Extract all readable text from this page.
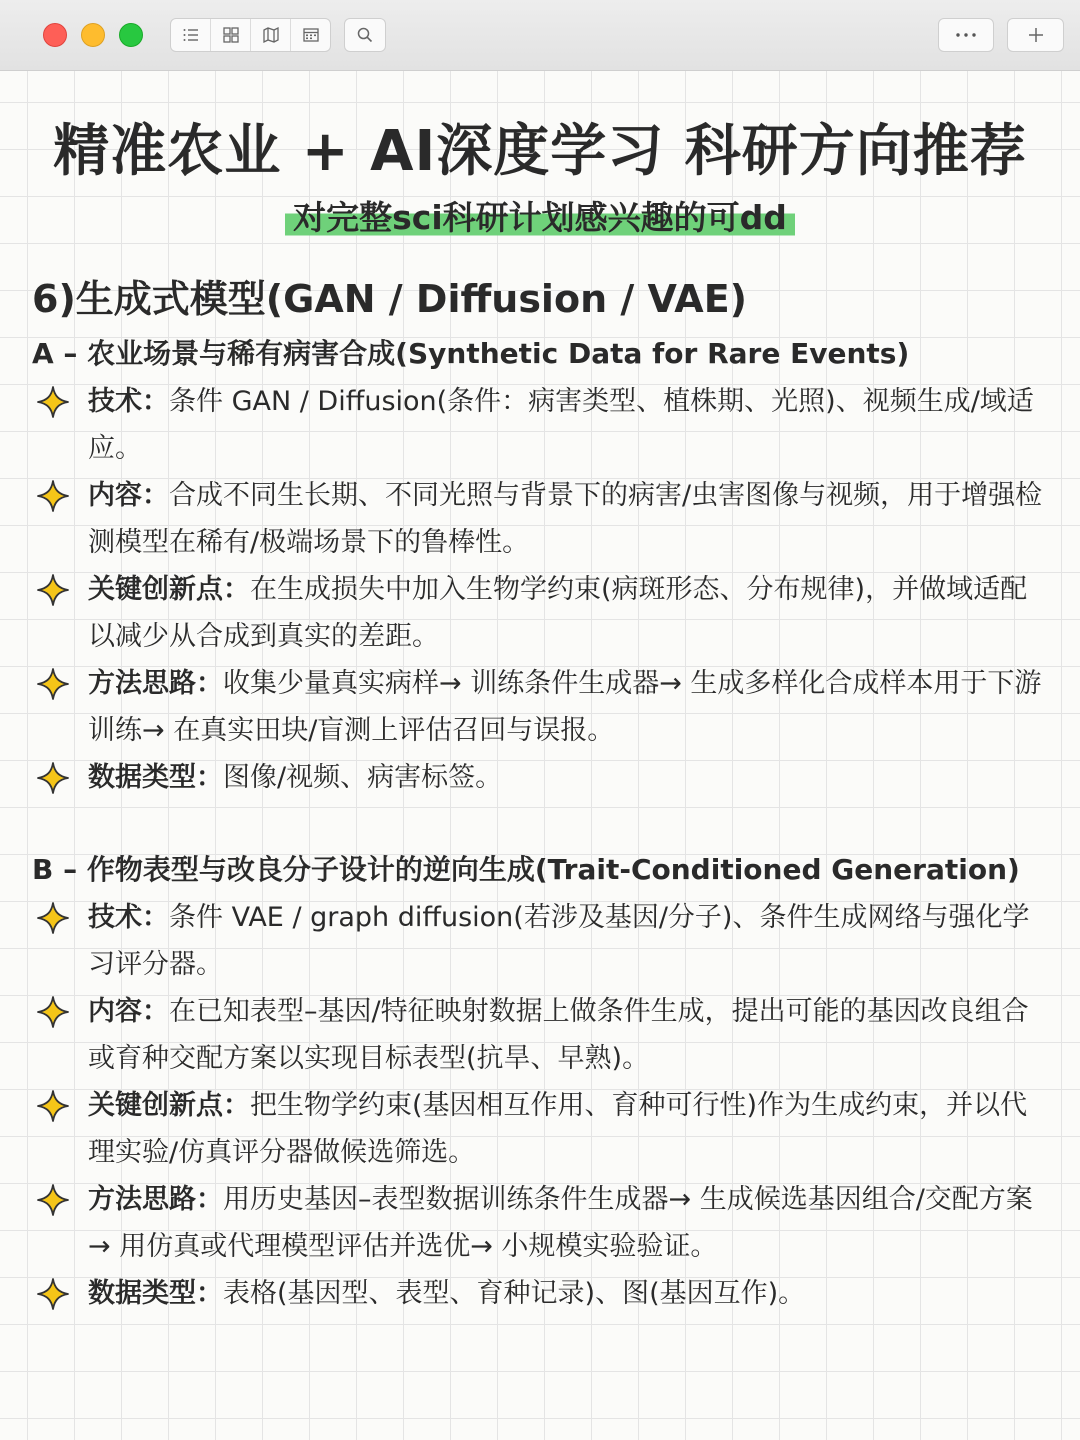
精准农业 + AI深度学习 科研方向推荐
对完整sci科研计划感兴趣的可dd
6)生成式模型(GAN / Diffusion / VAE)
A – 农业场景与稀有病害合成(Synthetic Data for Rare Events)
技术：条件 GAN / Diffusion(条件：病害类型、植株期、光照)、视频生成/域适应。
内容：合成不同生长期、不同光照与背景下的病害/虫害图像与视频，用于增强检测模型在稀有/极端场景下的鲁棒性。
关键创新点：在生成损失中加入生物学约束(病斑形态、分布规律)，并做域适配以减少从合成到真实的差距。
方法思路：收集少量真实病样→ 训练条件生成器→ 生成多样化合成样本用于下游训练→ 在真实田块/盲测上评估召回与误报。
数据类型：图像/视频、病害标签。
B – 作物表型与改良分子设计的逆向生成(Trait-Conditioned Generation)
技术：条件 VAE / graph diffusion(若涉及基因/分子)、条件生成网络与强化学习评分器。
内容：在已知表型–基因/特征映射数据上做条件生成，提出可能的基因改良组合或育种交配方案以实现目标表型(抗旱、早熟)。
关键创新点：把生物学约束(基因相互作用、育种可行性)作为生成约束，并以代理实验/仿真评分器做候选筛选。
方法思路：用历史基因–表型数据训练条件生成器→ 生成候选基因组合/交配方案→ 用仿真或代理模型评估并选优→ 小规模实验验证。
数据类型：表格(基因型、表型、育种记录)、图(基因互作)。
